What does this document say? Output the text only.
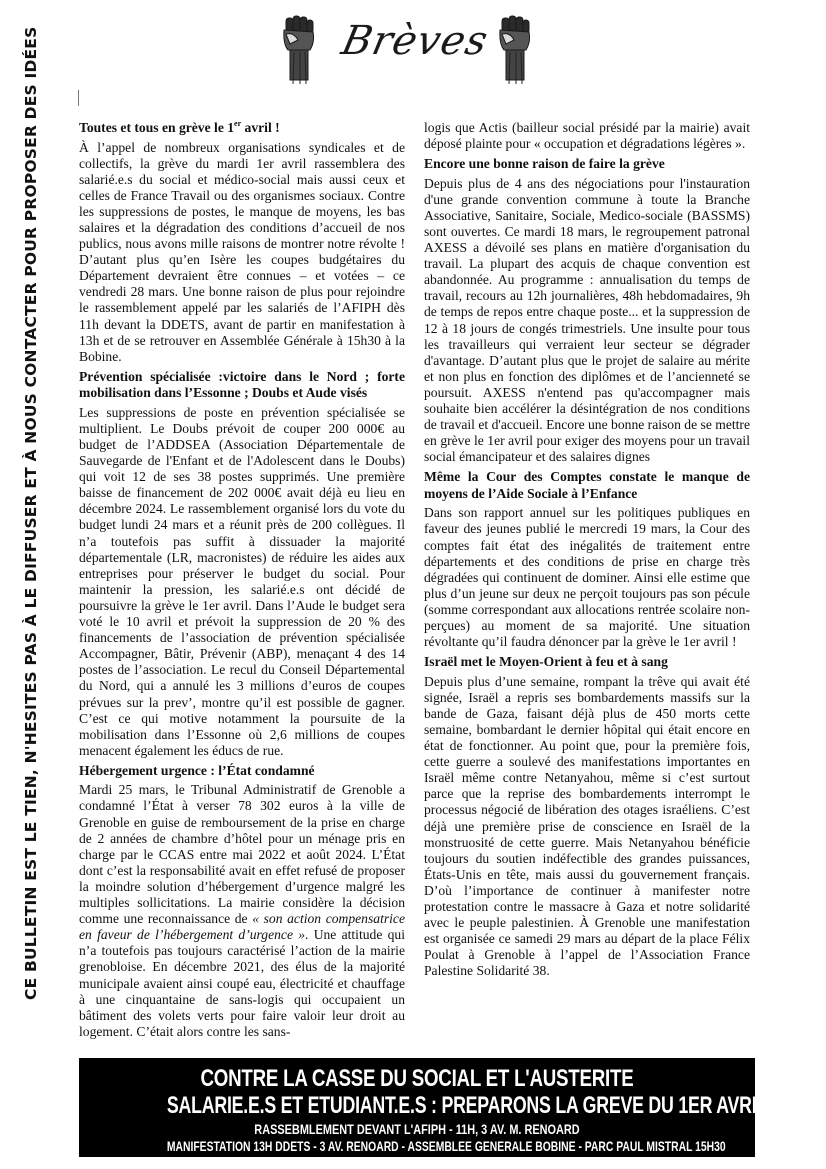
Brèves
CE BULLETIN EST LE TIEN, N'HESITES PAS À LE DIFFUSER ET À NOUS CONTACTER POUR PROPOSER DES IDÉES	Toutes et tous en grève le 1er avril !

À l’appel de nombreux organisations syndicales et de collectifs, la grève du mardi 1er avril rassemblera des salarié.e.s du social et médico-social mais aussi ceux et celles de France Travail ou des organismes sociaux. Contre les suppressions de postes, le manque de moyens, les bas salaires et la dégradation des conditions d’accueil de nos publics, nous avons mille raisons de montrer notre révolte ! D’autant plus qu’en Isère les coupes budgétaires du Département devraient être connues – et votées – ce vendredi 28 mars. Une bonne raison de plus pour rejoindre le rassemblement appelé par les salariés de l’AFIPH dès 11h devant la DDETS, avant de partir en manifestation à 13h et de se retrouver en Assemblée Générale à 15h30 à la Bobine.

Prévention spécialisée :victoire dans le Nord ; forte mobilisation dans l’Essonne ; Doubs et Aude visés

Les suppressions de poste en prévention spécialisée se multiplient. Le Doubs prévoit de couper 200 000€ au budget de l’ADDSEA (Association Départementale de Sauvegarde de l'Enfant et de l'Adolescent dans le Doubs) qui voit 12 de ses 38 postes supprimés. Une première baisse de financement de 202 000€ avait déjà eu lieu en décembre 2024. Le rassemblement organisé lors du vote du budget lundi 24 mars et a réunit près de 200 collègues. Il n’a toutefois pas suffit à dissuader la majorité départementale (LR, macronistes) de réduire les aides aux entreprises pour préserver le budget du social. Pour maintenir la pression, les salarié.e.s ont décidé de poursuivre la grève le 1er avril. Dans l’Aude le budget sera voté le 10 avril et prévoit la suppression de 20 % des financements de l’association de prévention spécialisée Accompagner, Bâtir, Prévenir (ABP), menaçant 4 des 14 postes de l’association. Le recul du Conseil Départemental du Nord, qui a annulé les 3 millions d’euros de coupes prévues sur la prev’, montre qu’il est possible de gagner. C’est ce qui motive notamment la poursuite de la mobilisation dans l’Essonne où 2,6 millions de coupes menacent également les éducs de rue.

Hébergement urgence : l’État condamné

Mardi 25 mars, le Tribunal Administratif de Grenoble a condamné l’État à verser 78 302 euros à la ville de Grenoble en guise de remboursement de la prise en charge de 2 années de chambre d’hôtel pour un ménage pris en charge par le CCAS entre mai 2022 et août 2024. L’État dont c’est la responsabilité avait en effet refusé de proposer la moindre solution d’hébergement d’urgence malgré les multiples sollicitations. La mairie considère la décision comme une reconnaissance de « son action compensatrice en faveur de l’hébergement d’urgence ». Une attitude qui n’a toutefois pas toujours caractérisé l’action de la mairie grenobloise. En décembre 2021, des élus de la majorité municipale avaient ainsi coupé eau, électricité et chauffage à une cinquantaine de sans-logis qui occupaient un bâtiment des volets verts pour faire valoir leur droit au logement. C’était alors contre les sans-

logis que Actis (bailleur social présidé par la mairie) avait déposé plainte pour « occupation et dégradations légères ».

Encore une bonne raison de faire la grève

Depuis plus de 4 ans des négociations pour l'instauration d'une grande convention commune à toute la Branche Associative, Sanitaire, Sociale, Medico-sociale (BASSMS) sont ouvertes. Ce mardi 18 mars, le regroupement patronal AXESS a dévoilé ses plans en matière d'organisation du travail. La plupart des acquis de chaque convention est abandonnée. Au programme : annualisation du temps de travail, recours au 12h journalières, 48h hebdomadaires, 9h de temps de repos entre chaque poste... et la suppression de 12 à 18 jours de congés trimestriels. Une insulte pour tous les travailleurs qui verraient leur secteur se dégrader d'avantage. D’autant plus que le projet de salaire au mérite et non plus en fonction des diplômes et de l’ancienneté se poursuit. AXESS n'entend pas qu'accompagner mais souhaite bien accélérer la désintégration de nos conditions de travail et d'accueil. Encore une bonne raison de se mettre en grève le 1er avril pour exiger des moyens pour un travail social émancipateur et des salaires dignes

Même la Cour des Comptes constate le manque de moyens de l’Aide Sociale à l’Enfance

Dans son rapport annuel sur les politiques publiques en faveur des jeunes publié le mercredi 19 mars, la Cour des comptes fait état des inégalités de traitement entre départements et des conditions de prise en charge très dégradées qui continuent de dominer. Ainsi elle estime que plus d’un jeune sur deux ne perçoit toujours pas son pécule (somme correspondant aux allocations rentrée scolaire non-perçues) au moment de sa majorité. Une situation révoltante qu’il faudra dénoncer par la grève le 1er avril !

Israël met le Moyen-Orient à feu et à sang

Depuis plus d’une semaine, rompant la trêve qui avait été signée, Israël a repris ses bombardements massifs sur la bande de Gaza, faisant déjà plus de 450 morts cette semaine, bombardant le dernier hôpital qui était encore en état de fonctionner. Au point que, pour la première fois, cette guerre a soulevé des manifestations importantes en Israël même contre Netanyahou, même si c’est surtout parce que la reprise des bombardements interrompt le processus négocié de libération des otages israéliens. C’est déjà une première prise de conscience en Israël de la monstruosité de cette guerre. Mais Netanyahou bénéficie toujours du soutien indéfectible des grandes puissances, États-Unis en tête, mais aussi du gouvernement français. D’où l’importance de continuer à manifester notre protestation contre le massacre à Gaza et notre solidarité avec le peuple palestinien. À Grenoble une manifestation est organisée ce samedi 29 mars au départ de la place Félix Poulat à Grenoble à l’appel de l’Association France Palestine Solidarité 38.

CONTRE LA CASSE DU SOCIAL ET L'AUSTERITE
SALARIE.E.S ET ETUDIANT.E.S : PREPARONS LA GREVE DU 1ER AVRIL
RASSEBMLEMENT DEVANT L'AFIPH - 11H, 3 AV. M. RENOARD
MANIFESTATION 13H DDETS - 3 AV. RENOARD - ASSEMBLEE GENERALE BOBINE - PARC PAUL MISTRAL 15H30
